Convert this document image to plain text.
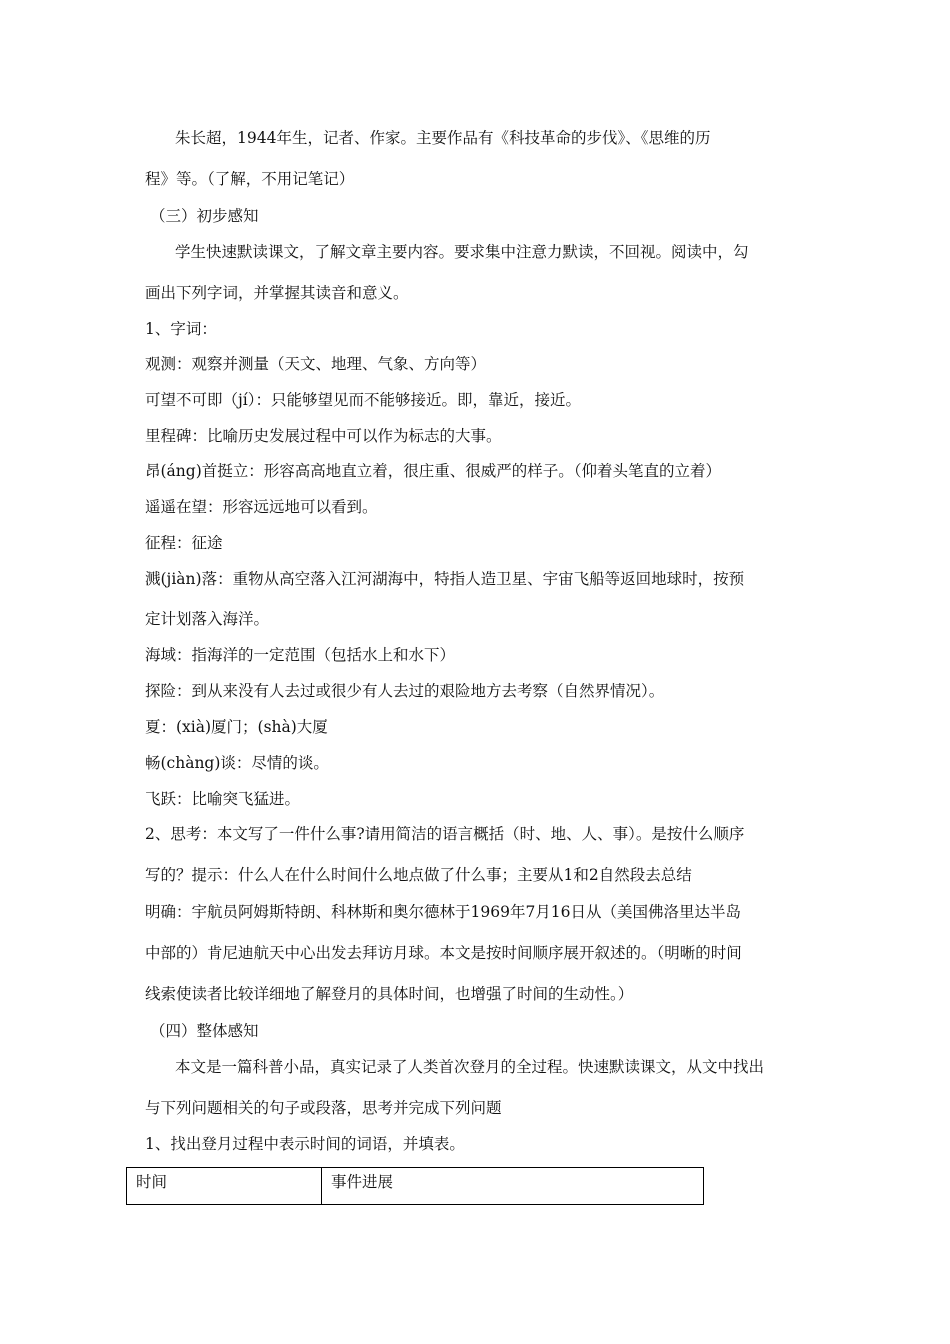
朱长超，1944年生，记者、作家。主要作品有《科技革命的步伐》、《思维的历
程》等。（了解，不用记笔记）
（三）初步感知
学生快速默读课文，了解文章主要内容。要求集中注意力默读，不回视。阅读中，勾
画出下列字词，并掌握其读音和意义。
1、字词：
观测：观察并测量（天文、地理、气象、方向等）
可望不可即（jí）：只能够望见而不能够接近。即，靠近，接近。
里程碑：比喻历史发展过程中可以作为标志的大事。
昂(áng)首挺立：形容高高地直立着，很庄重、很威严的样子。（仰着头笔直的立着）
遥遥在望：形容远远地可以看到。
征程：征途
溅(jiàn)落：重物从高空落入江河湖海中，特指人造卫星、宇宙飞船等返回地球时，按预
定计划落入海洋。
海域：指海洋的一定范围（包括水上和水下）
探险：到从来没有人去过或很少有人去过的艰险地方去考察（自然界情况）。
夏：(xià)厦门；(shà)大厦
畅(chàng)谈：尽情的谈。
飞跃：比喻突飞猛进。
2、思考：本文写了一件什么事?请用简洁的语言概括（时、地、人、事）。是按什么顺序
写的？提示：什么人在什么时间什么地点做了什么事；主要从1和2自然段去总结
明确：宇航员阿姆斯特朗、科林斯和奥尔德林于1969年7月16日从（美国佛洛里达半岛
中部的）肯尼迪航天中心出发去拜访月球。本文是按时间顺序展开叙述的。（明晰的时间
线索使读者比较详细地了解登月的具体时间，也增强了时间的生动性。）
（四）整体感知
本文是一篇科普小品，真实记录了人类首次登月的全过程。快速默读课文，从文中找出
与下列问题相关的句子或段落，思考并完成下列问题
1、找出登月过程中表示时间的词语，并填表。
时间	事件进展
